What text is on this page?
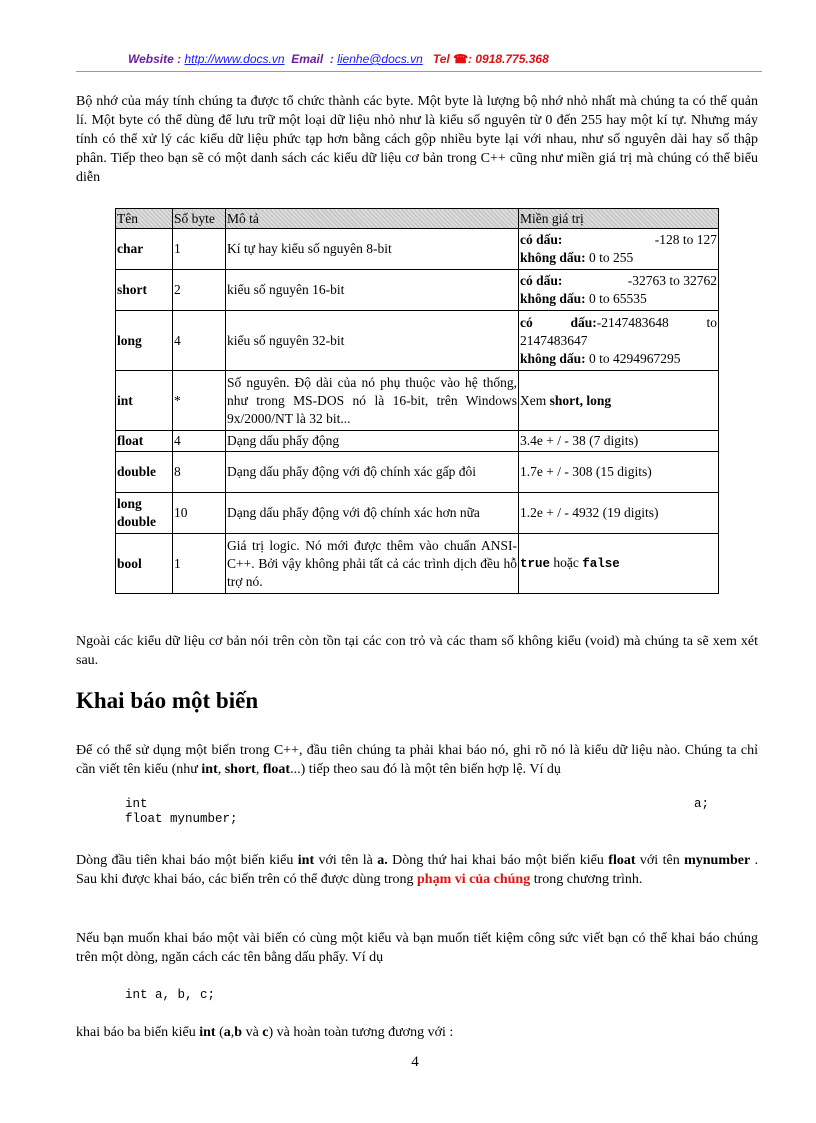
Website : http://www.docs.vn Email : lienhe@docs.vn Tel ☎: 0918.775.368

Bộ nhớ của máy tính chúng ta được tổ chức thành các byte. Một byte là lượng bộ nhớ nhỏ nhất mà chúng ta có thể quản lí. Một byte có thể dùng để lưu trữ một loại dữ liệu nhỏ như là kiểu số nguyên từ 0 đến 255 hay một kí tự. Nhưng máy tính có thể xử lý các kiểu dữ liệu phức tạp hơn bằng cách gộp nhiều byte lại với nhau, như số nguyên dài hay số thập phân. Tiếp theo bạn sẽ có một danh sách các kiểu dữ liệu cơ bản trong C++ cũng như miền giá trị mà chúng có thể biểu diễn

Tên	Số byte	Mô tả	Miền giá trị
char	1	Kí tự hay kiểu số nguyên 8-bit	có dấu: -128 to 127
không dấu: 0 to 255

short	2	kiểu số nguyên 16-bit	có dấu: -32763 to 32762
không dấu: 0 to 65535

long	4	kiểu số nguyên 32-bit	có dấu:-2147483648 to 2147483647
không dấu: 0 to 4294967295

int	*	Số nguyên. Độ dài của nó phụ thuộc vào hệ thống, như trong MS-DOS nó là 16-bit, trên Windows 9x/2000/NT là 32 bit...	Xem short, long
float	4	Dạng dấu phẩy động	3.4e + / - 38 (7 digits)
double	8	Dạng dấu phẩy động với độ chính xác gấp đôi	1.7e + / - 308 (15 digits)
long double	10	Dạng dấu phẩy động với độ chính xác hơn nữa	1.2e + / - 4932 (19 digits)
bool	1	Giá trị logic. Nó mới được thêm vào chuẩn ANSI-C++. Bởi vậy không phải tất cả các trình dịch đều hỗ trợ nó.	true hoặc false

Ngoài các kiểu dữ liệu cơ bản nói trên còn tồn tại các con trỏ và các tham số không kiểu (void) mà chúng ta sẽ xem xét sau.

Khai báo một biến

Để có thể sử dụng một biến trong C++, đầu tiên chúng ta phải khai báo nó, ghi rõ nó là kiểu dữ liệu nào. Chúng ta chỉ cần viết tên kiểu (như int, short, float...) tiếp theo sau đó là một tên biến hợp lệ. Ví dụ

int	a;
float mynumber;

Dòng đầu tiên khai báo một biến kiểu int với tên là a. Dòng thứ hai khai báo một biến kiểu float với tên mynumber . Sau khi được khai báo, các biến trên có thể được dùng trong phạm vi của chúng trong chương trình.

Nếu bạn muốn khai báo một vài biến có cùng một kiểu và bạn muốn tiết kiệm công sức viết bạn có thể khai báo chúng trên một dòng, ngăn cách các tên bằng dấu phẩy. Ví dụ

int a, b, c;

khai báo ba biến kiểu int (a,b và c) và hoàn toàn tương đương với :

4
